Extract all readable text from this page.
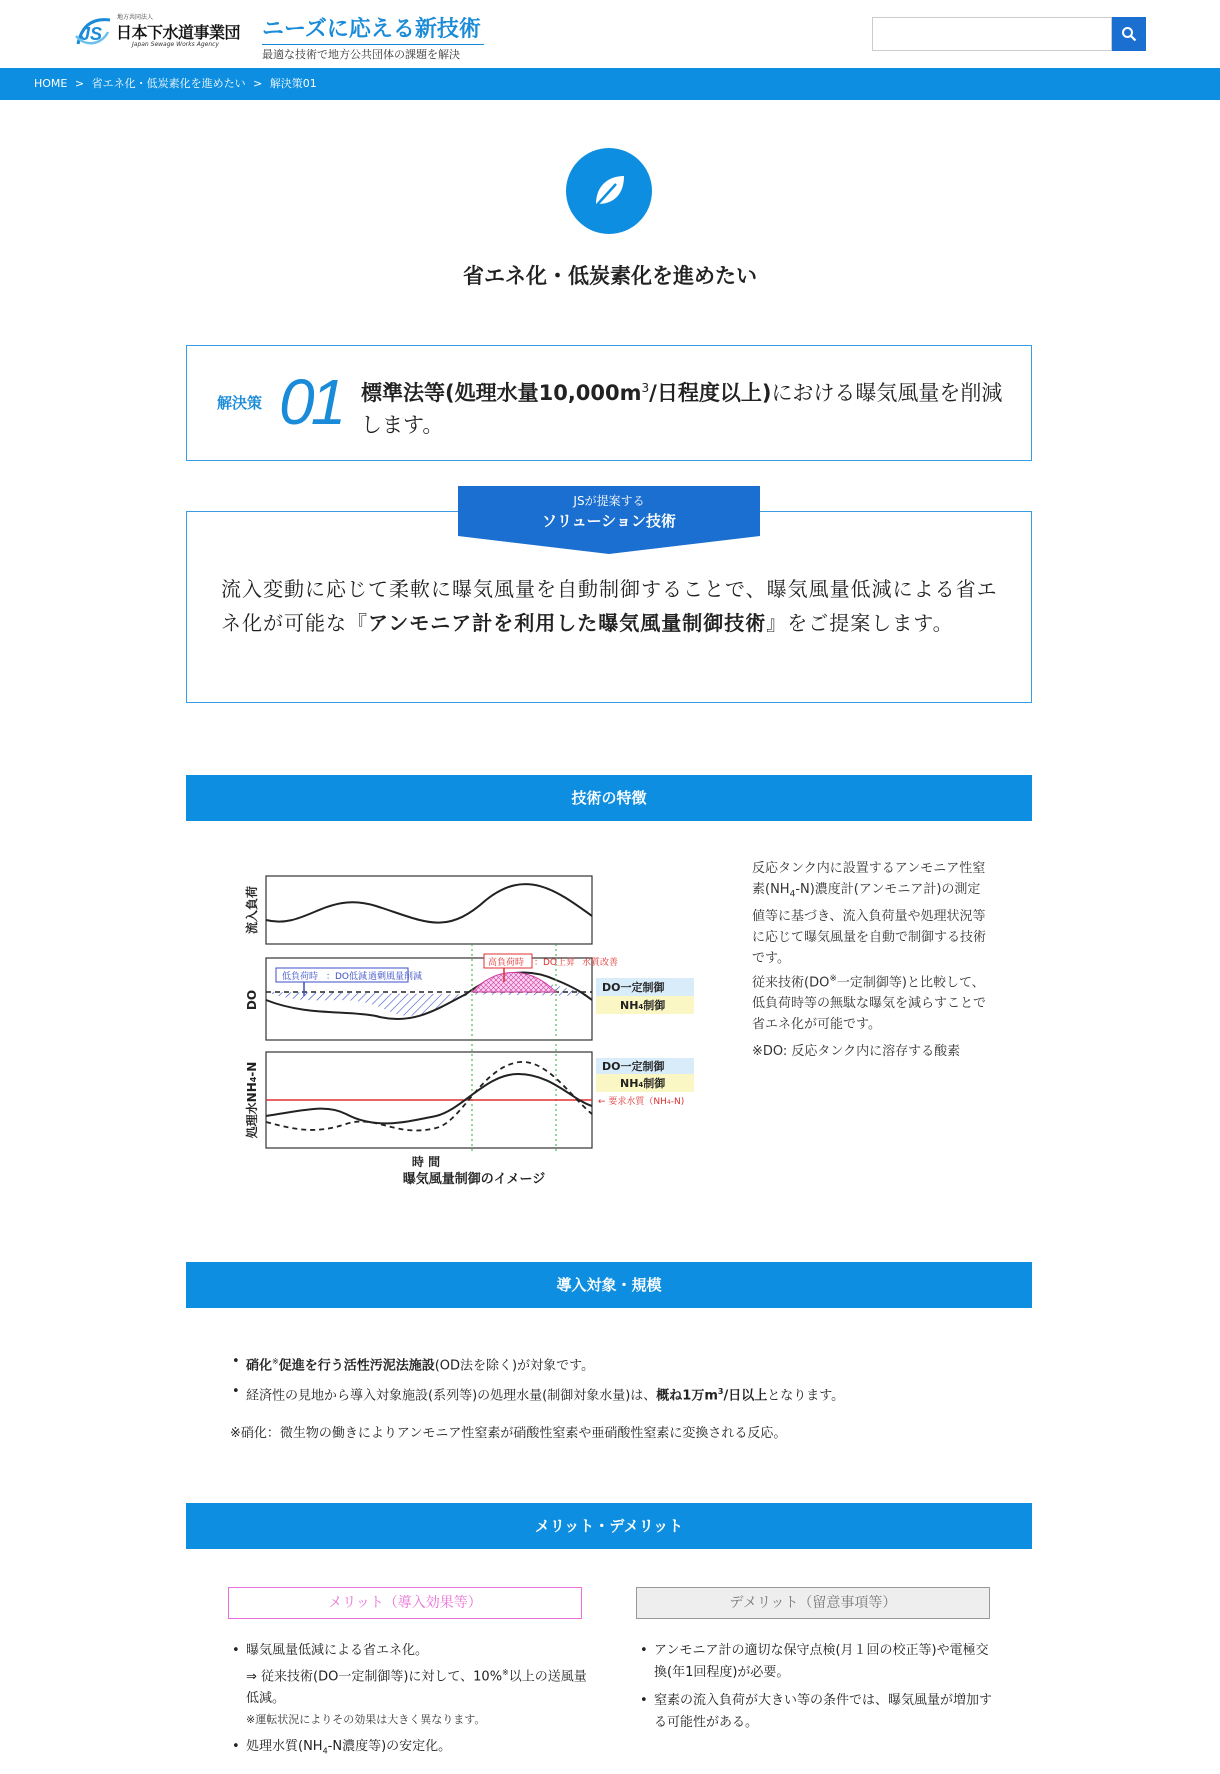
JS
地方共同法人
日本下水道事業団
Japan Sewage Works Agency
ニーズに応える新技術
最適な技術で地方公共団体の課題を解決
HOME > 省エネ化・低炭素化を進めたい > 解決策01
省エネ化・低炭素化を進めたい
解決策 01 標準法等(処理水量$10,000m^3/$日程度以上)における曝気風量を削減します。
流入変動に応じて柔軟に曝気風量を自動制御することで、曝気風量低減による省エネ化が可能な『アンモニア計を利用した曝気風量制御技術』をご提案します。
JSが提案する
ソリューション技術
技術の特徴
流入負荷
DO
処理水NH4-N
時 間
低負荷時 ：DO低減 過剰風量削減
高負荷時 ：DO上昇 水質改善
DO一定制御
NH4制御
DO一定制御
NH4制御
← 要求水質（NH4-N)
曝気風量制御のイメージ
反応タンク内に設置するアンモニア性窒素$(NH_4-N)$濃度計(アンモニア計)の測定値等に基づき、流入負荷量や処理状況等に応じて曝気風量を自動で制御する技術です。
従来技術(DO※一定制御等)と比較して、低負荷時等の無駄な曝気を減らすことで省エネ化が可能です。
※DO: 反応タンク内に溶存する酸素
導入対象・規模
• 硝化※促進を行う活性汚泥法施設(OD法を除く)が対象です。
• 経済性の見地から導入対象施設(系列等)の処理水量(制御対象水量)は、概ね1万$m^3/$日以上となります。
※硝化：微生物の働きによりアンモニア性窒素が硝酸性窒素や亜硝酸性窒素に変換される反応。
メリット・デメリット
メリット（導入効果等）	デメリット（留意事項等）
• 曝気風量低減による省エネ化。
⇒ 従来技術(DO一定制御等)に対して、10%※以上の送風量低減。
※運転状況によりその効果は大きく異なります。
• 処理水質($NH_4-N$濃度等)の安定化。
• アンモニア計の適切な保守点検(月１回の校正等)や電極交換(年1回程度)が必要。
• 窒素の流入負荷が大きい等の条件では、曝気風量が増加する可能性がある。
